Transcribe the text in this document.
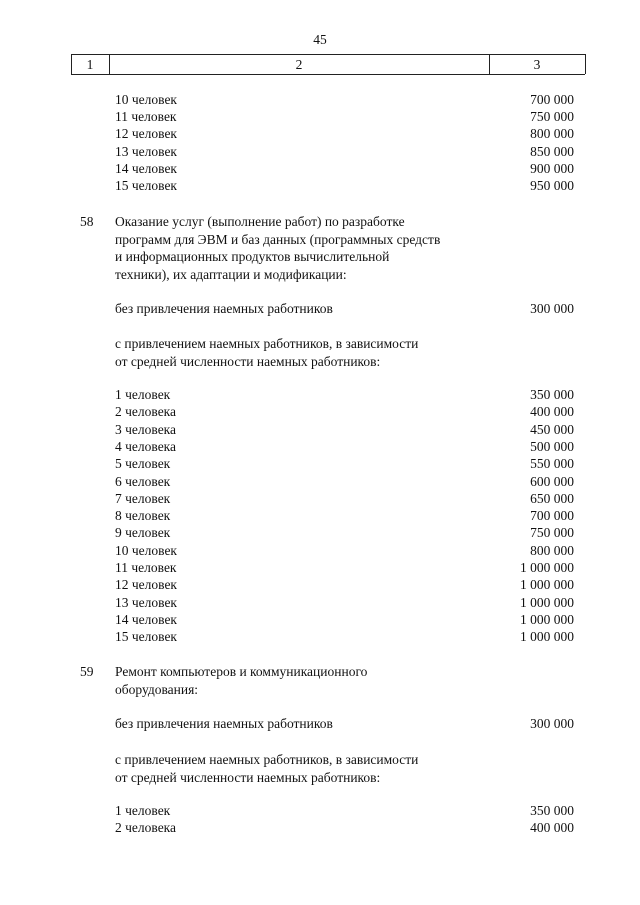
45
1	2	3
10 человек	700 000
11 человек	750 000
12 человек	800 000
13 человек	850 000
14 человек	900 000
15 человек	950 000
58 Оказание услуг (выполнение работ) по разработке
программ для ЭВМ и баз данных (программных средств
и информационных продуктов вычислительной
техники), их адаптации и модификации:
без привлечения наемных работников	300 000
с привлечением наемных работников, в зависимости
от средней численности наемных работников:
1 человек	350 000
2 человека	400 000
3 человека	450 000
4 человека	500 000
5 человек	550 000
6 человек	600 000
7 человек	650 000
8 человек	700 000
9 человек	750 000
10 человек	800 000
11 человек	1 000 000
12 человек	1 000 000
13 человек	1 000 000
14 человек	1 000 000
15 человек	1 000 000
59 Ремонт компьютеров и коммуникационного
оборудования:
без привлечения наемных работников	300 000
с привлечением наемных работников, в зависимости
от средней численности наемных работников:
1 человек	350 000
2 человека	400 000
